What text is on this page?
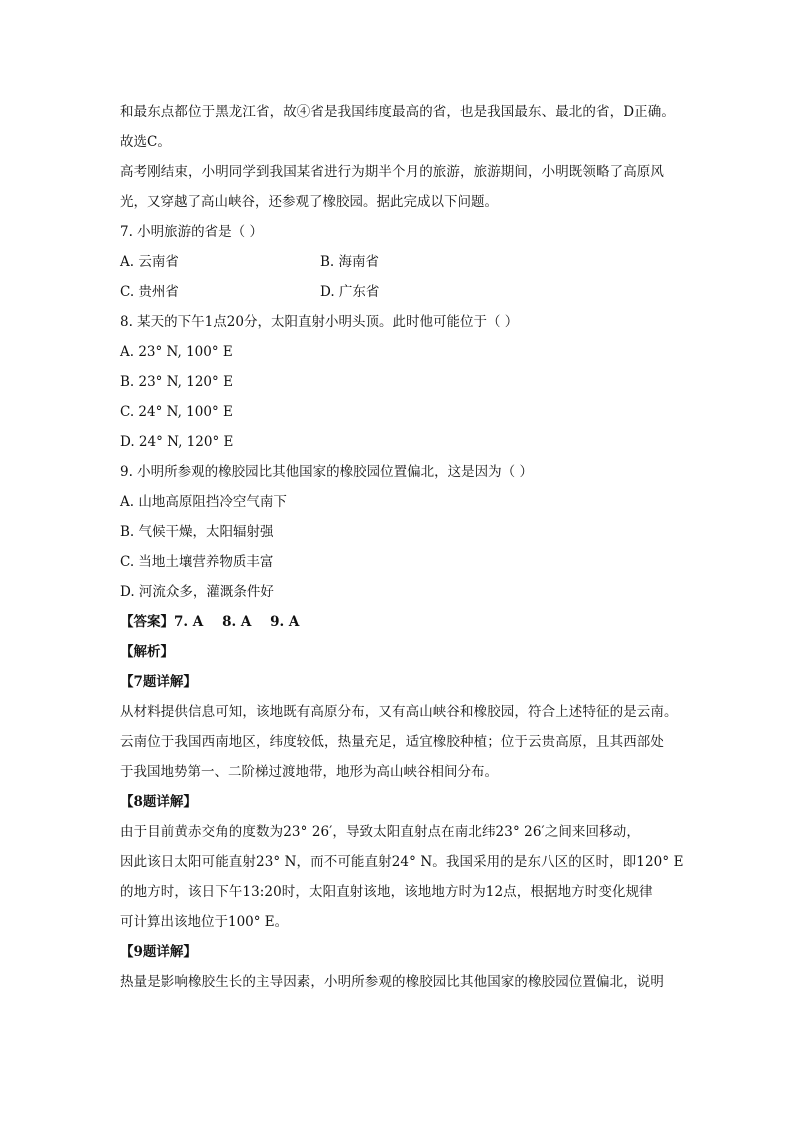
和最东点都位于黑龙江省，故④省是我国纬度最高的省，也是我国最东、最北的省，D正确。
故选C。
高考刚结束，小明同学到我国某省进行为期半个月的旅游，旅游期间，小明既领略了高原风
光，又穿越了高山峡谷，还参观了橡胶园。据此完成以下问题。
7. 小明旅游的省是（ ）
A. 云南省	B. 海南省
C. 贵州省	D. 广东省
8. 某天的下午1点20分，太阳直射小明头顶。此时他可能位于（ ）
A. 23° N, 100° E
B. 23° N, 120° E
C. 24° N, 100° E
D. 24° N, 120° E
9. 小明所参观的橡胶园比其他国家的橡胶园位置偏北，这是因为（ ）
A. 山地高原阻挡冷空气南下
B. 气候干燥，太阳辐射强
C. 当地土壤营养物质丰富
D. 河流众多，灌溉条件好
【答案】7. A    8. A    9. A
【解析】
【7题详解】
从材料提供信息可知，该地既有高原分布，又有高山峡谷和橡胶园，符合上述特征的是云南。
云南位于我国西南地区，纬度较低，热量充足，适宜橡胶种植；位于云贵高原，且其西部处
于我国地势第一、二阶梯过渡地带，地形为高山峡谷相间分布。
【8题详解】
由于目前黄赤交角的度数为23° 26′，导致太阳直射点在南北纬23° 26′之间来回移动，
因此该日太阳可能直射23° N，而不可能直射24° N。我国采用的是东八区的区时，即120° E
的地方时，该日下午13:20时，太阳直射该地，该地地方时为12点，根据地方时变化规律
可计算出该地位于100° E。
【9题详解】
热量是影响橡胶生长的主导因素，小明所参观的橡胶园比其他国家的橡胶园位置偏北，说明
